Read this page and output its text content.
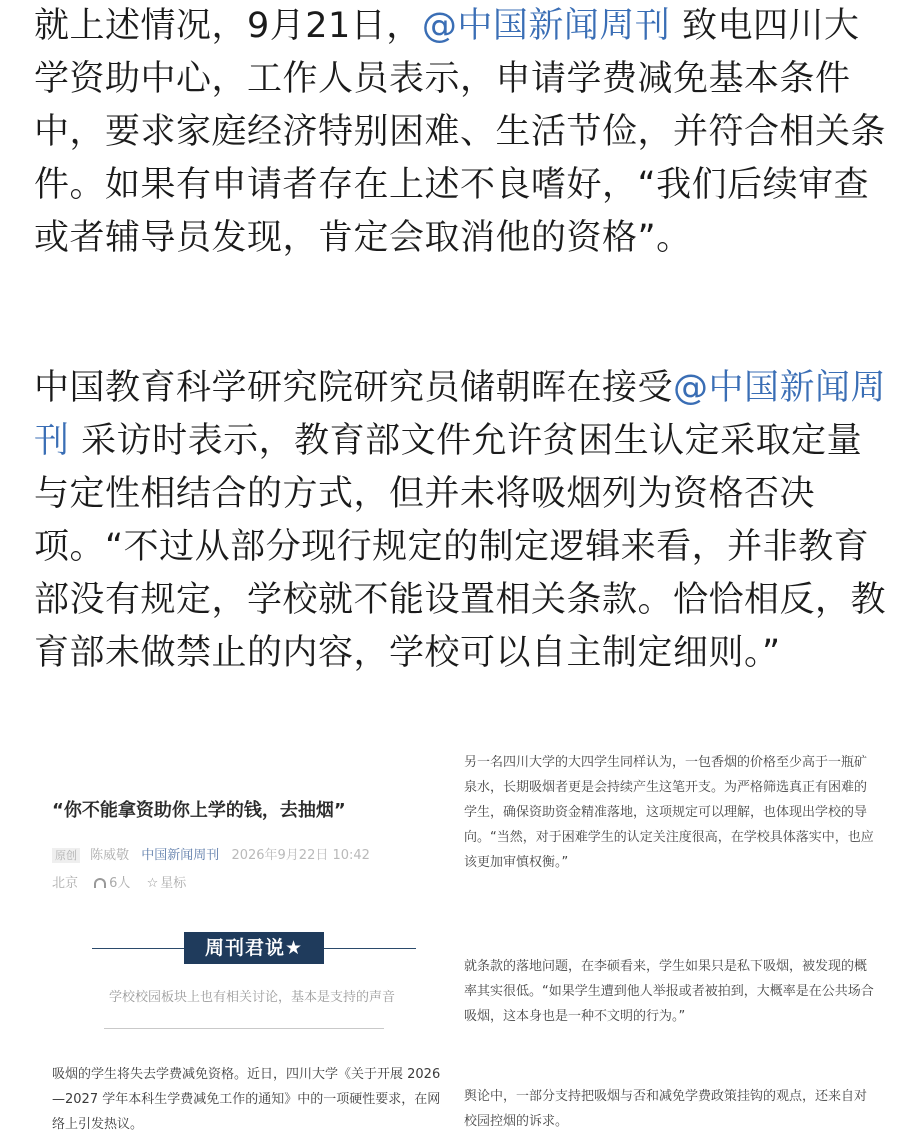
就上述情况，9月21日，@中国新闻周刊 致电四川大学资助中心，工作人员表示，申请学费减免基本条件中，要求家庭经济特别困难、生活节俭，并符合相关条件。如果有申请者存在上述不良嗜好，“我们后续审查或者辅导员发现，肯定会取消他的资格”。
中国教育科学研究院研究员储朝晖在接受@中国新闻周刊 采访时表示，教育部文件允许贫困生认定采取定量与定性相结合的方式，但并未将吸烟列为资格否决项。“不过从部分现行规定的制定逻辑来看，并非教育部没有规定，学校就不能设置相关条款。恰恰相反，教育部未做禁止的内容，学校可以自主制定细则。”
“你不能拿资助你上学的钱，去抽烟”
原创 陈威敬 中国新闻周刊 2026年9月22日 10:42
北京 6人 ☆ 星标
周刊君说★
学校校园板块上也有相关讨论，基本是支持的声音
吸烟的学生将失去学费减免资格。近日，四川大学《关于开展 2026—2027 学年本科生学费减免工作的通知》中的一项硬性要求，在网络上引发热议。
另一名四川大学的大四学生同样认为，一包香烟的价格至少高于一瓶矿泉水，长期吸烟者更是会持续产生这笔开支。为严格筛选真正有困难的学生，确保资助资金精准落地，这项规定可以理解，也体现出学校的导向。“当然，对于困难学生的认定关注度很高，在学校具体落实中，也应该更加审慎权衡。”
就条款的落地问题，在李硕看来，学生如果只是私下吸烟，被发现的概率其实很低。“如果学生遭到他人举报或者被拍到，大概率是在公共场合吸烟，这本身也是一种不文明的行为。”
舆论中，一部分支持把吸烟与否和减免学费政策挂钩的观点，还来自对校园控烟的诉求。
